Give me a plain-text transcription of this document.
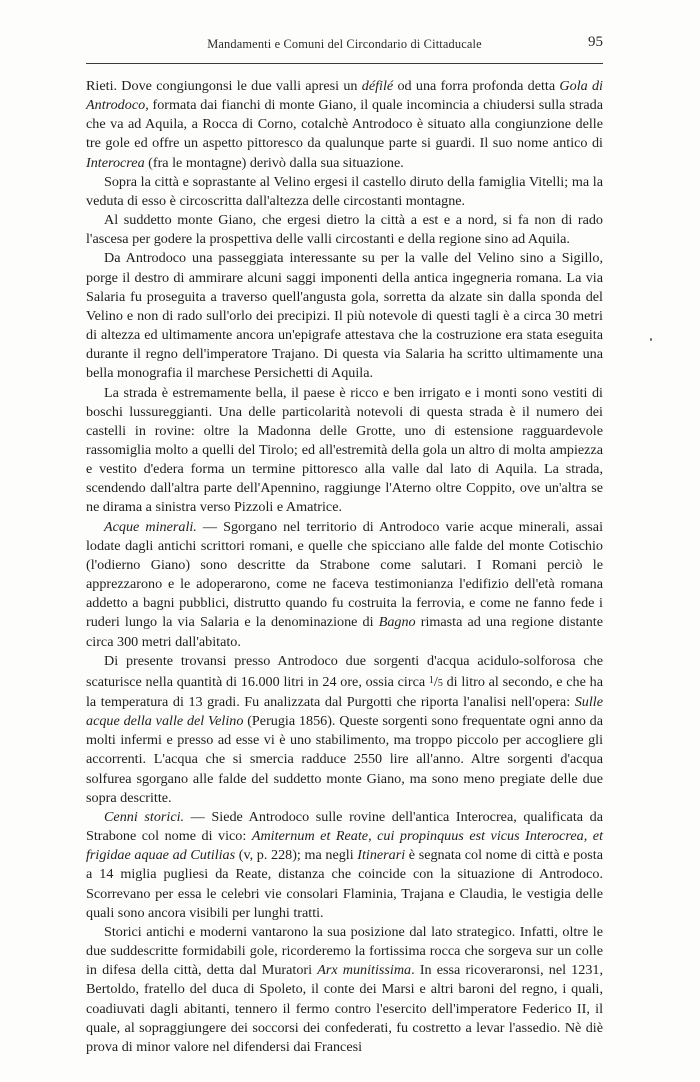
Mandamenti e Comuni del Circondario di Cittaducale	95

Rieti. Dove congiungonsi le due valli apresi un défilé od una forra profonda detta Gola di Antrodoco, formata dai fianchi di monte Giano, il quale incomincia a chiudersi sulla strada che va ad Aquila, a Rocca di Corno, cotalchè Antrodoco è situato alla congiunzione delle tre gole ed offre un aspetto pittoresco da qualunque parte si guardi. Il suo nome antico di Interocrea (fra le montagne) derivò dalla sua situazione.

Sopra la città e soprastante al Velino ergesi il castello diruto della famiglia Vitelli; ma la veduta di esso è circoscritta dall'altezza delle circostanti montagne.

Al suddetto monte Giano, che ergesi dietro la città a est e a nord, si fa non di rado l'ascesa per godere la prospettiva delle valli circostanti e della regione sino ad Aquila.

Da Antrodoco una passeggiata interessante su per la valle del Velino sino a Sigillo, porge il destro di ammirare alcuni saggi imponenti della antica ingegneria romana. La via Salaria fu proseguita a traverso quell'angusta gola, sorretta da alzate sin dalla sponda del Velino e non di rado sull'orlo dei precipizi. Il più notevole di questi tagli è a circa 30 metri di altezza ed ultimamente ancora un'epigrafe attestava che la costruzione era stata eseguita durante il regno dell'imperatore Trajano. Di questa via Salaria ha scritto ultimamente una bella monografia il marchese Persichetti di Aquila.

La strada è estremamente bella, il paese è ricco e ben irrigato e i monti sono vestiti di boschi lussureggianti. Una delle particolarità notevoli di questa strada è il numero dei castelli in rovine: oltre la Madonna delle Grotte, uno di estensione ragguardevole rassomiglia molto a quelli del Tirolo; ed all'estremità della gola un altro di molta ampiezza e vestito d'edera forma un termine pittoresco alla valle dal lato di Aquila. La strada, scendendo dall'altra parte dell'Apennino, raggiunge l'Aterno oltre Coppito, ove un'altra se ne dirama a sinistra verso Pizzoli e Amatrice.

Acque minerali. — Sgorgano nel territorio di Antrodoco varie acque minerali, assai lodate dagli antichi scrittori romani, e quelle che spicciano alle falde del monte Cotischio (l'odierno Giano) sono descritte da Strabone come salutari. I Romani perciò le apprezzarono e le adoperarono, come ne faceva testimonianza l'edifizio dell'età romana addetto a bagni pubblici, distrutto quando fu costruita la ferrovia, e come ne fanno fede i ruderi lungo la via Salaria e la denominazione di Bagno rimasta ad una regione distante circa 300 metri dall'abitato.

Di presente trovansi presso Antrodoco due sorgenti d'acqua acidulo-solforosa che scaturisce nella quantità di 16.000 litri in 24 ore, ossia circa $^1$/5 di litro al secondo, e che ha la temperatura di 13 gradi. Fu analizzata dal Purgotti che riporta l'analisi nell'opera: Sulle acque della valle del Velino (Perugia 1856). Queste sorgenti sono frequentate ogni anno da molti infermi e presso ad esse vi è uno stabilimento, ma troppo piccolo per accogliere gli accorrenti. L'acqua che si smercia radduce 2550 lire all'anno. Altre sorgenti d'acqua solfurea sgorgano alle falde del suddetto monte Giano, ma sono meno pregiate delle due sopra descritte.

Cenni storici. — Siede Antrodoco sulle rovine dell'antica Interocrea, qualificata da Strabone col nome di vico: Amiternum et Reate, cui propinquus est vicus Interocrea, et frigidae aquae ad Cutilias (v, p. 228); ma negli Itinerari è segnata col nome di città e posta a 14 miglia pugliesi da Reate, distanza che coincide con la situazione di Antrodoco. Scorrevano per essa le celebri vie consolari Flaminia, Trajana e Claudia, le vestigia delle quali sono ancora visibili per lunghi tratti.

Storici antichi e moderni vantarono la sua posizione dal lato strategico. Infatti, oltre le due suddescritte formidabili gole, ricorderemo la fortissima rocca che sorgeva sur un colle in difesa della città, detta dal Muratori Arx munitissima. In essa ricoveraronsi, nel 1231, Bertoldo, fratello del duca di Spoleto, il conte dei Marsi e altri baroni del regno, i quali, coadiuvati dagli abitanti, tennero il fermo contro l'esercito dell'imperatore Federico II, il quale, al sopraggiungere dei soccorsi dei confederati, fu costretto a levar l'assedio. Nè diè prova di minor valore nel difendersi dai Francesi
